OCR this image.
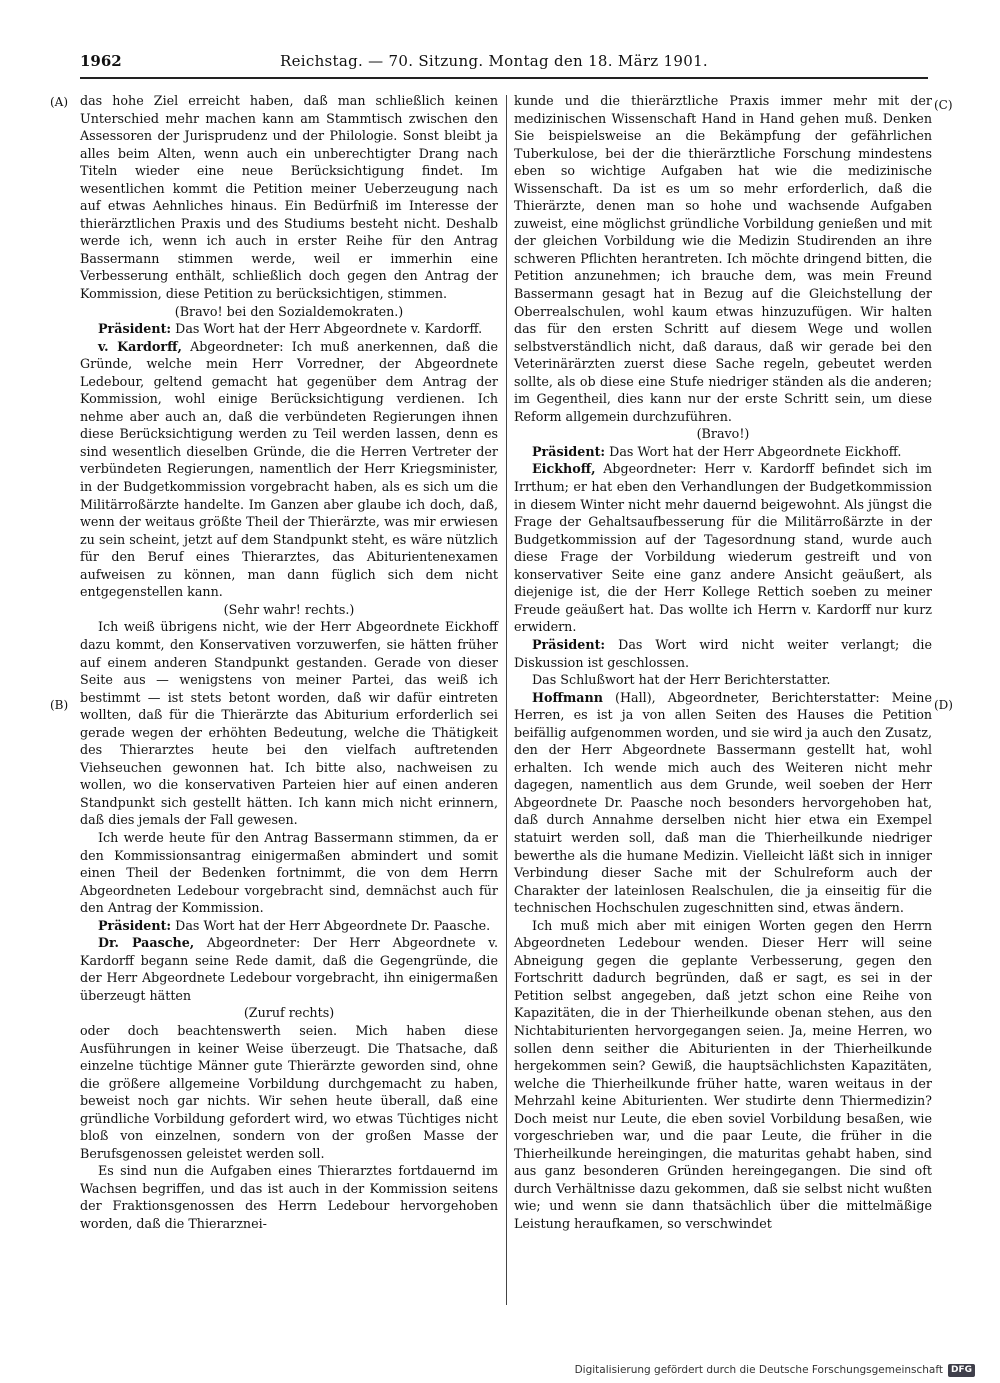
1962	Reichstag. — 70. Sitzung. Montag den 18. März 1901.
(A)
(B)
(C)
(D)

das hohe Ziel erreicht haben, daß man schließlich keinen Unterschied mehr machen kann am Stammtisch zwischen den Assessoren der Jurisprudenz und der Philologie. Sonst bleibt ja alles beim Alten, wenn auch ein unberechtigter Drang nach Titeln wieder eine neue Berücksichtigung findet. Im wesentlichen kommt die Petition meiner Ueberzeugung nach auf etwas Aehnliches hinaus. Ein Bedürfniß im Interesse der thierärztlichen Praxis und des Studiums besteht nicht. Deshalb werde ich, wenn ich auch in erster Reihe für den Antrag Bassermann stimmen werde, weil er immerhin eine Verbesserung enthält, schließlich doch gegen den Antrag der Kommission, diese Petition zu berücksichtigen, stimmen.

(Bravo! bei den Sozialdemokraten.)

Präsident: Das Wort hat der Herr Abgeordnete v. Kardorff.

v. Kardorff, Abgeordneter: Ich muß anerkennen, daß die Gründe, welche mein Herr Vorredner, der Abgeordnete Ledebour, geltend gemacht hat gegenüber dem Antrag der Kommission, wohl einige Berücksichtigung verdienen. Ich nehme aber auch an, daß die verbündeten Regierungen ihnen diese Berücksichtigung werden zu Teil werden lassen, denn es sind wesentlich dieselben Gründe, die die Herren Vertreter der verbündeten Regierungen, namentlich der Herr Kriegsminister, in der Budgetkommission vorgebracht haben, als es sich um die Militärroßärzte handelte. Im Ganzen aber glaube ich doch, daß, wenn der weitaus größte Theil der Thierärzte, was mir erwiesen zu sein scheint, jetzt auf dem Standpunkt steht, es wäre nützlich für den Beruf eines Thierarztes, das Abiturientenexamen aufweisen zu können, man dann füglich sich dem nicht entgegenstellen kann.

(Sehr wahr! rechts.)

Ich weiß übrigens nicht, wie der Herr Abgeordnete Eickhoff dazu kommt, den Konservativen vorzuwerfen, sie hätten früher auf einem anderen Standpunkt gestanden. Gerade von dieser Seite aus — wenigstens von meiner Partei, das weiß ich bestimmt — ist stets betont worden, daß wir dafür eintreten wollten, daß für die Thierärzte das Abiturium erforderlich sei gerade wegen der erhöhten Bedeutung, welche die Thätigkeit des Thierarztes heute bei den vielfach auftretenden Viehseuchen gewonnen hat. Ich bitte also, nachweisen zu wollen, wo die konservativen Parteien hier auf einen anderen Standpunkt sich gestellt hätten. Ich kann mich nicht erinnern, daß dies jemals der Fall gewesen.

Ich werde heute für den Antrag Bassermann stimmen, da er den Kommissionsantrag einigermaßen abmindert und somit einen Theil der Bedenken fortnimmt, die von dem Herrn Abgeordneten Ledebour vorgebracht sind, demnächst auch für den Antrag der Kommission.

Präsident: Das Wort hat der Herr Abgeordnete Dr. Paasche.

Dr. Paasche, Abgeordneter: Der Herr Abgeordnete v. Kardorff begann seine Rede damit, daß die Gegengründe, die der Herr Abgeordnete Ledebour vorgebracht, ihn einigermaßen überzeugt hätten

(Zuruf rechts)

oder doch beachtenswerth seien. Mich haben diese Ausführungen in keiner Weise überzeugt. Die Thatsache, daß einzelne tüchtige Männer gute Thierärzte geworden sind, ohne die größere allgemeine Vorbildung durchgemacht zu haben, beweist noch gar nichts. Wir sehen heute überall, daß eine gründliche Vorbildung gefordert wird, wo etwas Tüchtiges nicht bloß von einzelnen, sondern von der großen Masse der Berufsgenossen geleistet werden soll.

Es sind nun die Aufgaben eines Thierarztes fortdauernd im Wachsen begriffen, und das ist auch in der Kommission seitens der Fraktionsgenossen des Herrn Ledebour hervorgehoben worden, daß die Thierarznei-

kunde und die thierärztliche Praxis immer mehr mit der medizinischen Wissenschaft Hand in Hand gehen muß. Denken Sie beispielsweise an die Bekämpfung der gefährlichen Tuberkulose, bei der die thierärztliche Forschung mindestens eben so wichtige Aufgaben hat wie die medizinische Wissenschaft. Da ist es um so mehr erforderlich, daß die Thierärzte, denen man so hohe und wachsende Aufgaben zuweist, eine möglichst gründliche Vorbildung genießen und mit der gleichen Vorbildung wie die Medizin Studirenden an ihre schweren Pflichten herantreten. Ich möchte dringend bitten, die Petition anzunehmen; ich brauche dem, was mein Freund Bassermann gesagt hat in Bezug auf die Gleichstellung der Oberrealschulen, wohl kaum etwas hinzuzufügen. Wir halten das für den ersten Schritt auf diesem Wege und wollen selbstverständlich nicht, daß daraus, daß wir gerade bei den Veterinärärzten zuerst diese Sache regeln, gebeutet werden sollte, als ob diese eine Stufe niedriger ständen als die anderen; im Gegentheil, dies kann nur der erste Schritt sein, um diese Reform allgemein durchzuführen.

(Bravo!)

Präsident: Das Wort hat der Herr Abgeordnete Eickhoff.

Eickhoff, Abgeordneter: Herr v. Kardorff befindet sich im Irrthum; er hat eben den Verhandlungen der Budgetkommission in diesem Winter nicht mehr dauernd beigewohnt. Als jüngst die Frage der Gehaltsaufbesserung für die Militärroßärzte in der Budgetkommission auf der Tagesordnung stand, wurde auch diese Frage der Vorbildung wiederum gestreift und von konservativer Seite eine ganz andere Ansicht geäußert, als diejenige ist, die der Herr Kollege Rettich soeben zu meiner Freude geäußert hat. Das wollte ich Herrn v. Kardorff nur kurz erwidern.

Präsident: Das Wort wird nicht weiter verlangt; die Diskussion ist geschlossen.

Das Schlußwort hat der Herr Berichterstatter.

Hoffmann (Hall), Abgeordneter, Berichterstatter: Meine Herren, es ist ja von allen Seiten des Hauses die Petition beifällig aufgenommen worden, und sie wird ja auch den Zusatz, den der Herr Abgeordnete Bassermann gestellt hat, wohl erhalten. Ich wende mich auch des Weiteren nicht mehr dagegen, namentlich aus dem Grunde, weil soeben der Herr Abgeordnete Dr. Paasche noch besonders hervorgehoben hat, daß durch Annahme derselben nicht hier etwa ein Exempel statuirt werden soll, daß man die Thierheilkunde niedriger bewerthe als die humane Medizin. Vielleicht läßt sich in inniger Verbindung dieser Sache mit der Schulreform auch der Charakter der lateinlosen Realschulen, die ja einseitig für die technischen Hochschulen zugeschnitten sind, etwas ändern.

Ich muß mich aber mit einigen Worten gegen den Herrn Abgeordneten Ledebour wenden. Dieser Herr will seine Abneigung gegen die geplante Verbesserung, gegen den Fortschritt dadurch begründen, daß er sagt, es sei in der Petition selbst angegeben, daß jetzt schon eine Reihe von Kapazitäten, die in der Thierheilkunde obenan stehen, aus den Nichtabiturienten hervorgegangen seien. Ja, meine Herren, wo sollen denn seither die Abiturienten in der Thierheilkunde hergekommen sein? Gewiß, die hauptsächlichsten Kapazitäten, welche die Thierheilkunde früher hatte, waren weitaus in der Mehrzahl keine Abiturienten. Wer studirte denn Thiermedizin? Doch meist nur Leute, die eben soviel Vorbildung besaßen, wie vorgeschrieben war, und die paar Leute, die früher in die Thierheilkunde hereingingen, die maturitas gehabt haben, sind aus ganz besonderen Gründen hereingegangen. Die sind oft durch Verhältnisse dazu gekommen, daß sie selbst nicht wußten wie; und wenn sie dann thatsächlich über die mittelmäßige Leistung heraufkamen, so verschwindet

Digitalisierung gefördert durch die Deutsche Forschungsgemeinschaft DFG
